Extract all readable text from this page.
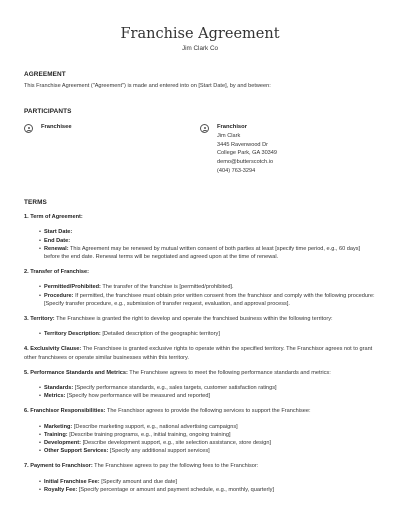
Franchise Agreement
Jim Clark Co
AGREEMENT
This Franchise Agreement ("Agreement") is made and entered into on [Start Date], by and between:
PARTICIPANTS
Franchisee	Franchisor
Jim Clark
3445 Ravenwood Dr
College Park, GA 30349
demo@butterscotch.io
(404) 763-3294
TERMS
1. Term of Agreement:
• Start Date:
• End Date:
• Renewal: This Agreement may be renewed by mutual written consent of both parties at least [specify time period, e.g., 60 days] before the end date. Renewal terms will be negotiated and agreed upon at the time of renewal.
2. Transfer of Franchise:
• Permitted/Prohibited: The transfer of the franchise is [permitted/prohibited].
• Procedure: If permitted, the franchisee must obtain prior written consent from the franchisor and comply with the following procedure: [Specify transfer procedure, e.g., submission of transfer request, evaluation, and approval process].
3. Territory: The Franchisee is granted the right to develop and operate the franchised business within the following territory:
• Territory Description: [Detailed description of the geographic territory]
4. Exclusivity Clause: The Franchisee is granted exclusive rights to operate within the specified territory. The Franchisor agrees not to grant other franchisees or operate similar businesses within this territory.
5. Performance Standards and Metrics: The Franchisee agrees to meet the following performance standards and metrics:
• Standards: [Specify performance standards, e.g., sales targets, customer satisfaction ratings]
• Metrics: [Specify how performance will be measured and reported]
6. Franchisor Responsibilities: The Franchisor agrees to provide the following services to support the Franchisee:
• Marketing: [Describe marketing support, e.g., national advertising campaigns]
• Training: [Describe training programs, e.g., initial training, ongoing training]
• Development: [Describe development support, e.g., site selection assistance, store design]
• Other Support Services: [Specify any additional support services]
7. Payment to Franchisor: The Franchisee agrees to pay the following fees to the Franchisor:
• Initial Franchise Fee: [Specify amount and due date]
• Royalty Fee: [Specify percentage or amount and payment schedule, e.g., monthly, quarterly]
